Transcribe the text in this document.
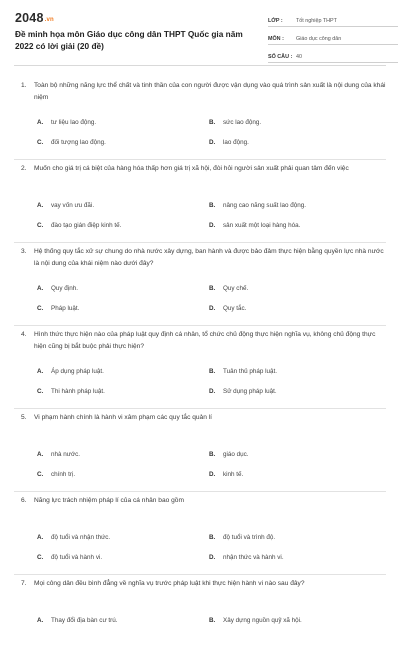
2048.vn
Đề minh họa môn Giáo dục công dân THPT Quốc gia năm 2022 có lời giải (20 đề)
LỚP : Tốt nghiệp THPT
MÔN : Giáo dục công dân
SỐ CÂU : 40
1. Toàn bộ những năng lực thể chất và tinh thần của con người được vận dụng vào quá trình sản xuất là nội dung của khái niệm
A.	tư liệu lao động.	B.	sức lao động.
C.	đối tượng lao động.	D.	lao động.
2. Muốn cho giá trị cá biệt của hàng hóa thấp hơn giá trị xã hội, đòi hỏi người sản xuất phải quan tâm đến việc
A.	vay vốn ưu đãi.	B.	nâng cao năng suất lao động.
C.	đào tạo gián điệp kinh tế.	D.	sản xuất một loại hàng hóa.
3. Hệ thống quy tắc xử sự chung do nhà nước xây dựng, ban hành và được bảo đảm thực hiện bằng quyền lực nhà nước là nội dung của khái niệm nào dưới đây?
A.	Quy định.	B.	Quy chế.
C.	Pháp luật.	D.	Quy tắc.
4. Hình thức thực hiện nào của pháp luật quy định cá nhân, tổ chức chủ động thực hiện nghĩa vụ, không chủ động thực hiện cũng bị bắt buộc phải thực hiện?
A.	Áp dụng pháp luật.	B.	Tuân thủ pháp luật.
C.	Thi hành pháp luật.	D.	Sử dụng pháp luật.
5. Vi phạm hành chính là hành vi xâm phạm các quy tắc quản lí
A.	nhà nước.	B.	giáo dục.
C.	chính trị.	D.	kinh tế.
6. Năng lực trách nhiệm pháp lí của cá nhân bao gồm
A.	độ tuổi và nhận thức.	B.	độ tuổi và trình độ.
C.	độ tuổi và hành vi.	D.	nhận thức và hành vi.
7. Mọi công dân đều bình đẳng về nghĩa vụ trước pháp luật khi thực hiện hành vi nào sau đây?
A.	Thay đổi địa bàn cư trú.	B.	Xây dựng nguồn quỹ xã hội.
